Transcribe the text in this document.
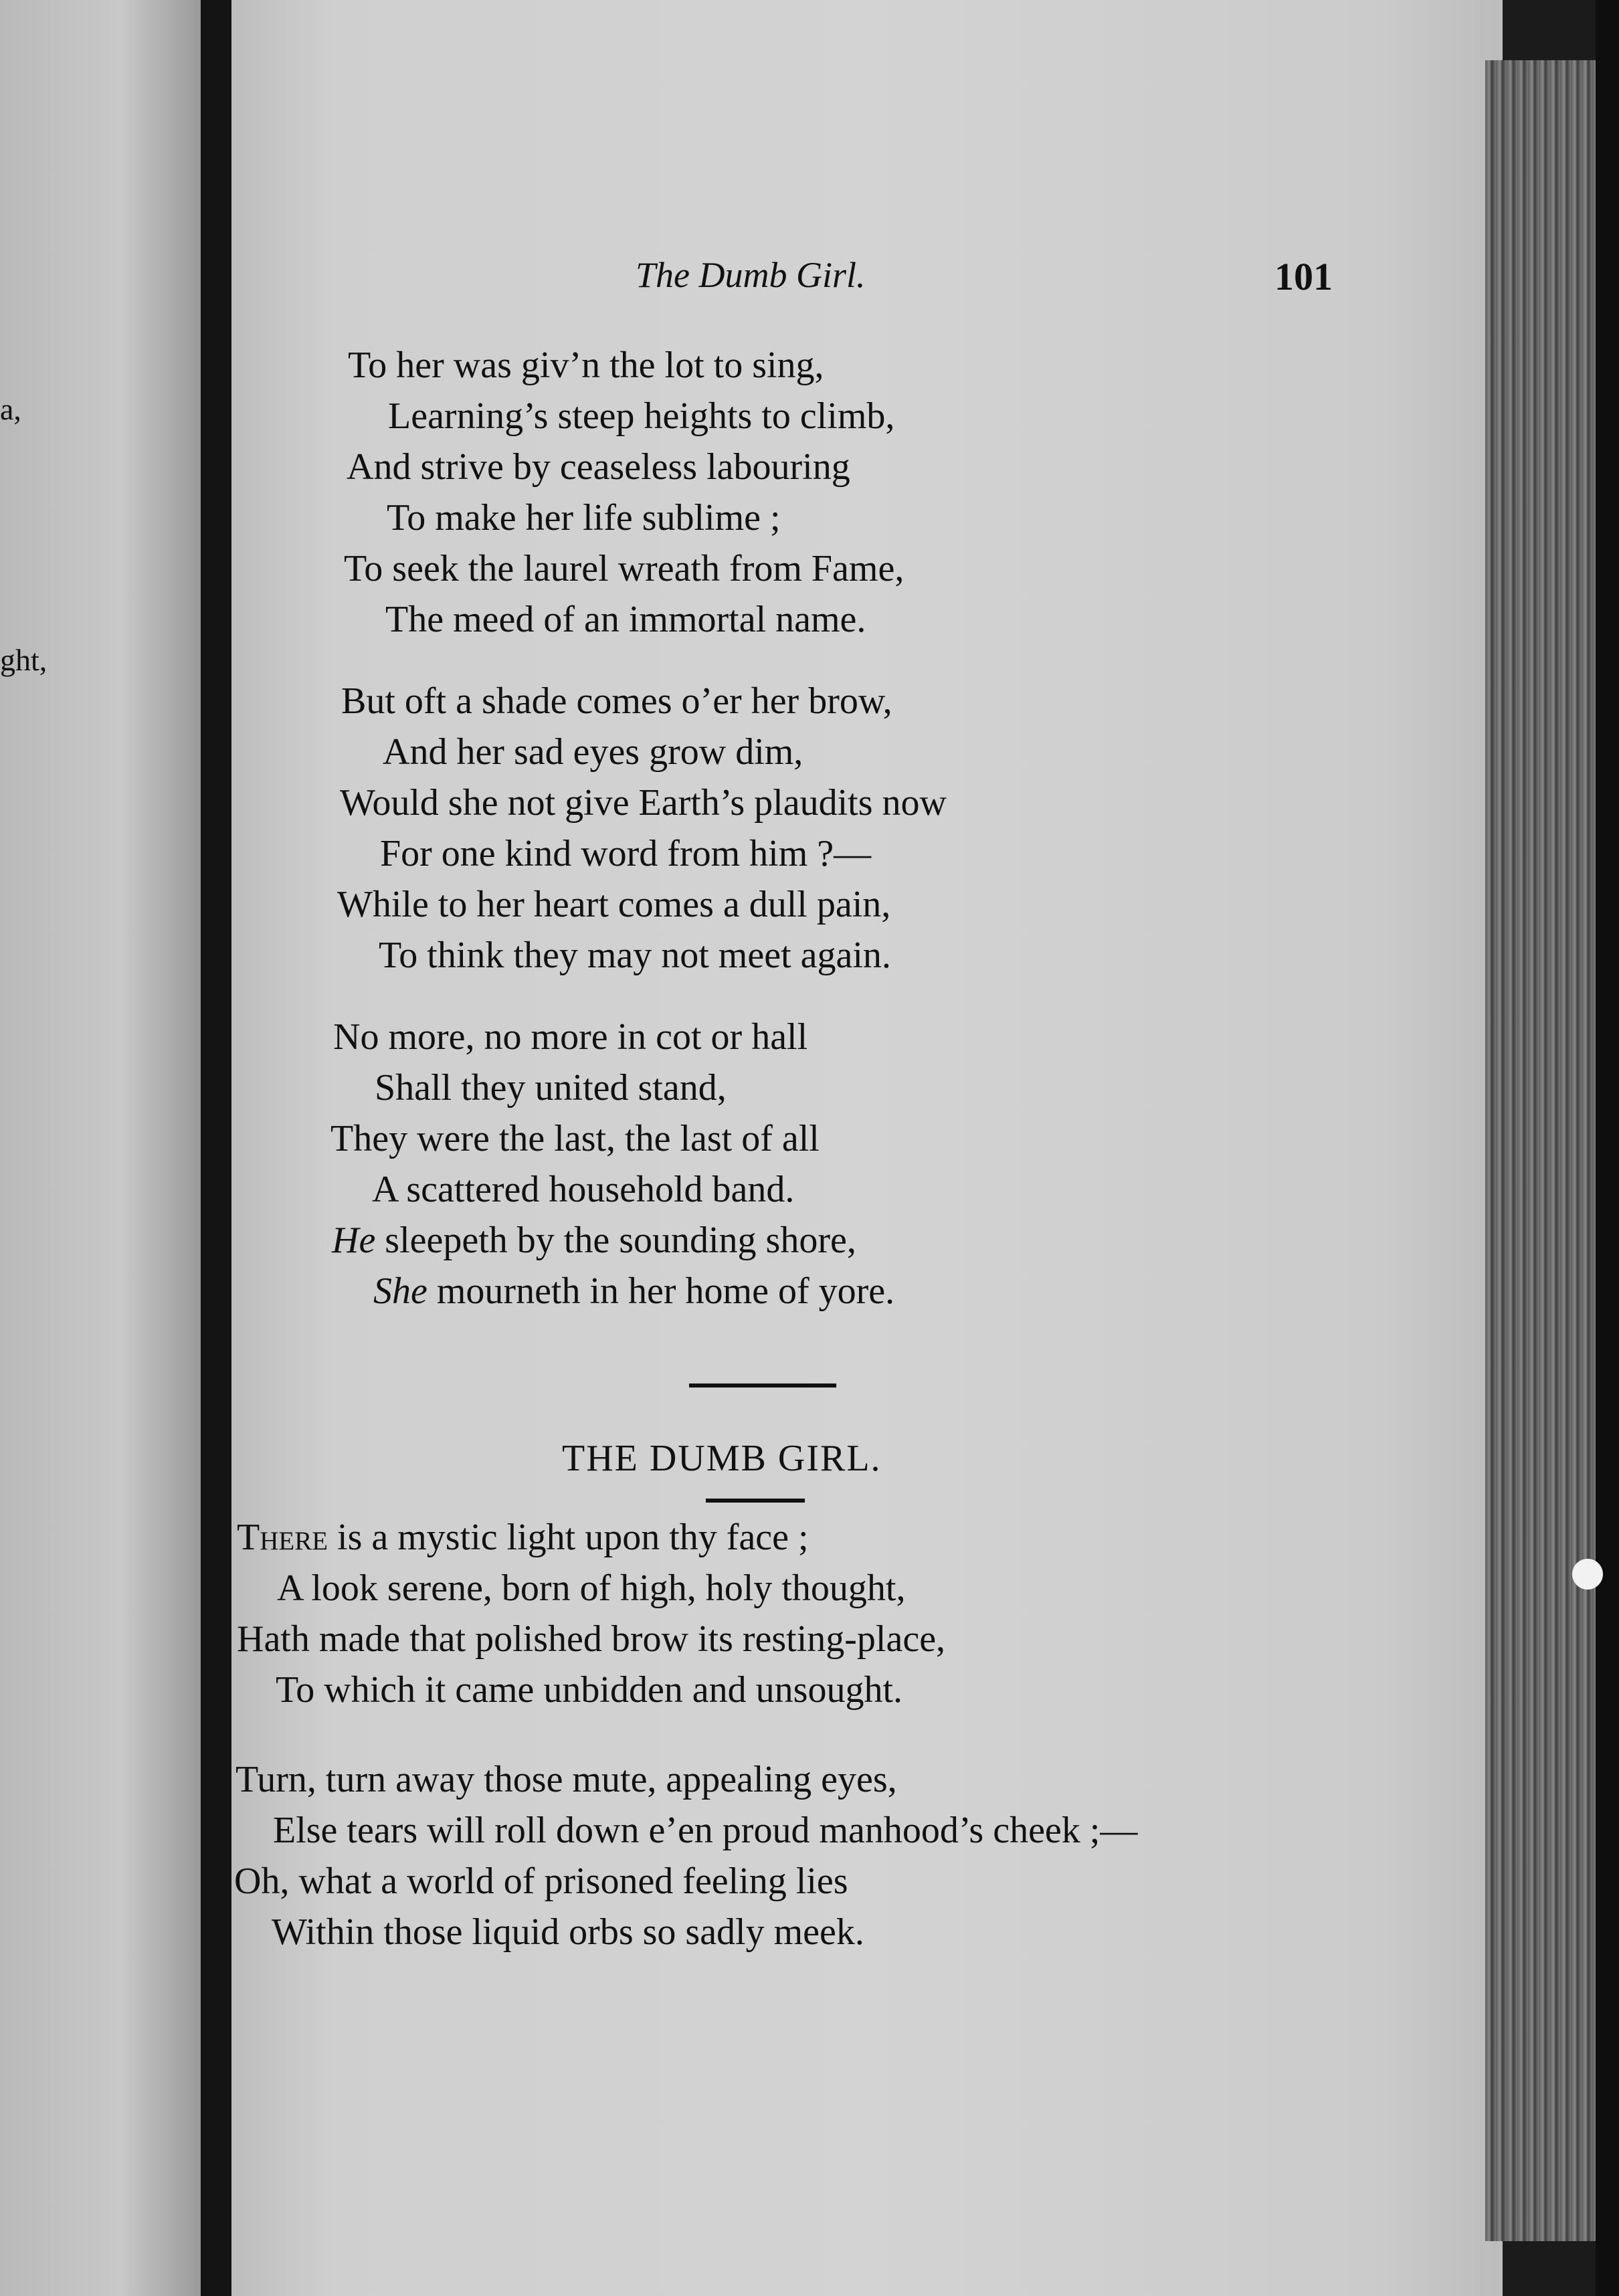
a,
ght,
The Dumb Girl.	101
To her was giv’n the lot to sing,
Learning’s steep heights to climb,
And strive by ceaseless labouring
To make her life sublime ;
To seek the laurel wreath from Fame,
The meed of an immortal name.
But oft a shade comes o’er her brow,
And her sad eyes grow dim,
Would she not give Earth’s plaudits now
For one kind word from him ?—
While to her heart comes a dull pain,
To think they may not meet again.
No more, no more in cot or hall
Shall they united stand,
They were the last, the last of all
A scattered household band.
He sleepeth by the sounding shore,
She mourneth in her home of yore.
THE DUMB GIRL.
There is a mystic light upon thy face ;
A look serene, born of high, holy thought,
Hath made that polished brow its resting-place,
To which it came unbidden and unsought.
Turn, turn away those mute, appealing eyes,
Else tears will roll down e’en proud manhood’s cheek ;—
Oh, what a world of prisoned feeling lies
Within those liquid orbs so sadly meek.
